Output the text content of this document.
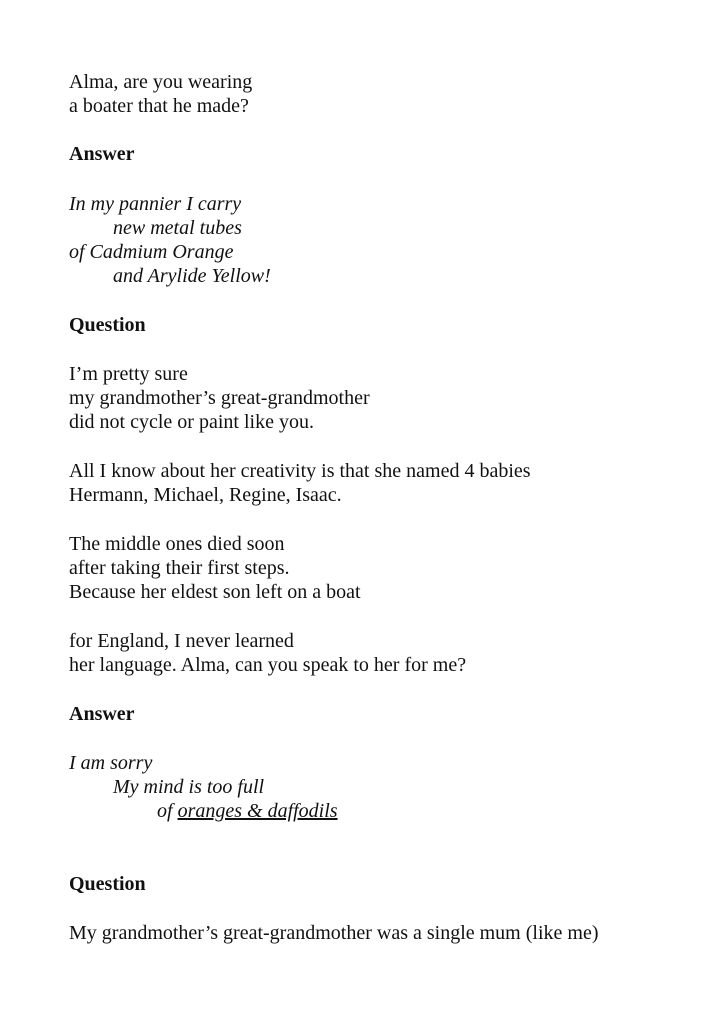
Alma, are you wearing
a boater that he made?
Answer
In my pannier I carry
new metal tubes
of Cadmium Orange
and Arylide Yellow!
Question
I’m pretty sure
my grandmother’s great-grandmother
did not cycle or paint like you.
All I know about her creativity is that she named 4 babies
Hermann, Michael, Regine, Isaac.
The middle ones died soon
after taking their first steps.
Because her eldest son left on a boat
for England, I never learned
her language. Alma, can you speak to her for me?
Answer
I am sorry
My mind is too full
of oranges & daffodils
Question
My grandmother’s great-grandmother was a single mum (like me)
